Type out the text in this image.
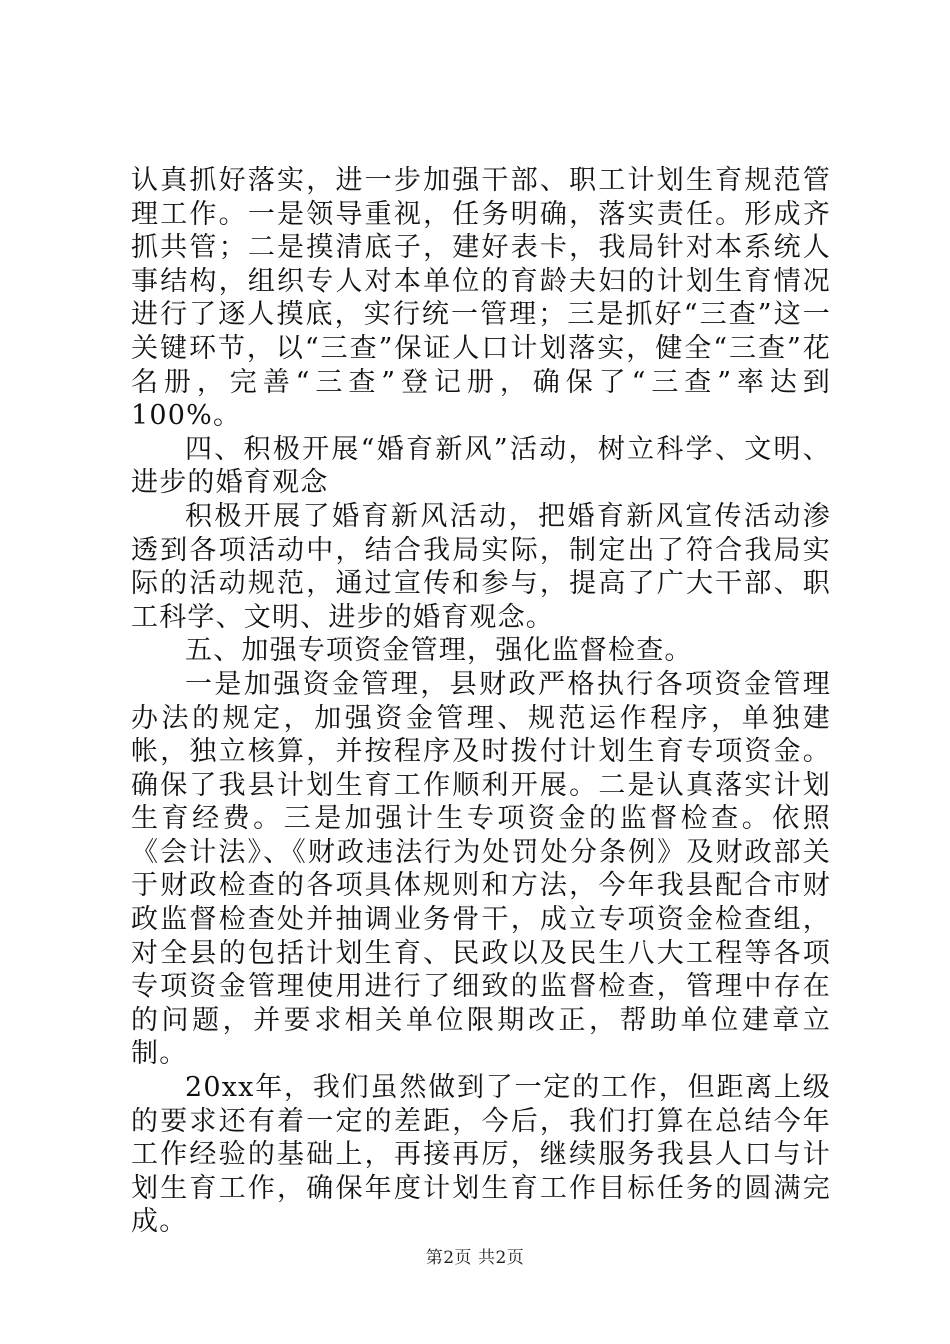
认真抓好落实，进一步加强干部、职工计划生育规范管理工作。一是领导重视，任务明确，落实责任。形成齐抓共管；二是摸清底子，建好表卡，我局针对本系统人事结构，组织专人对本单位的育龄夫妇的计划生育情况进行了逐人摸底，实行统一管理；三是抓好“三查”这一关键环节，以“三查”保证人口计划落实，健全“三查”花名册，完善“三查”登记册，确保了“三查”率达到100%。

四、积极开展“婚育新风”活动，树立科学、文明、进步的婚育观念

积极开展了婚育新风活动，把婚育新风宣传活动渗透到各项活动中，结合我局实际，制定出了符合我局实际的活动规范，通过宣传和参与，提高了广大干部、职工科学、文明、进步的婚育观念。

五、加强专项资金管理，强化监督检查。

一是加强资金管理，县财政严格执行各项资金管理办法的规定，加强资金管理、规范运作程序，单独建帐，独立核算，并按程序及时拨付计划生育专项资金。确保了我县计划生育工作顺利开展。二是认真落实计划生育经费。三是加强计生专项资金的监督检查。依照《会计法》、《财政违法行为处罚处分条例》及财政部关于财政检查的各项具体规则和方法，今年我县配合市财政监督检查处并抽调业务骨干，成立专项资金检查组，对全县的包括计划生育、民政以及民生八大工程等各项专项资金管理使用进行了细致的监督检查，管理中存在的问题，并要求相关单位限期改正，帮助单位建章立制。

20xx年，我们虽然做到了一定的工作，但距离上级的要求还有着一定的差距，今后，我们打算在总结今年工作经验的基础上，再接再厉，继续服务我县人口与计划生育工作，确保年度计划生育工作目标任务的圆满完成。

第2页 共2页
